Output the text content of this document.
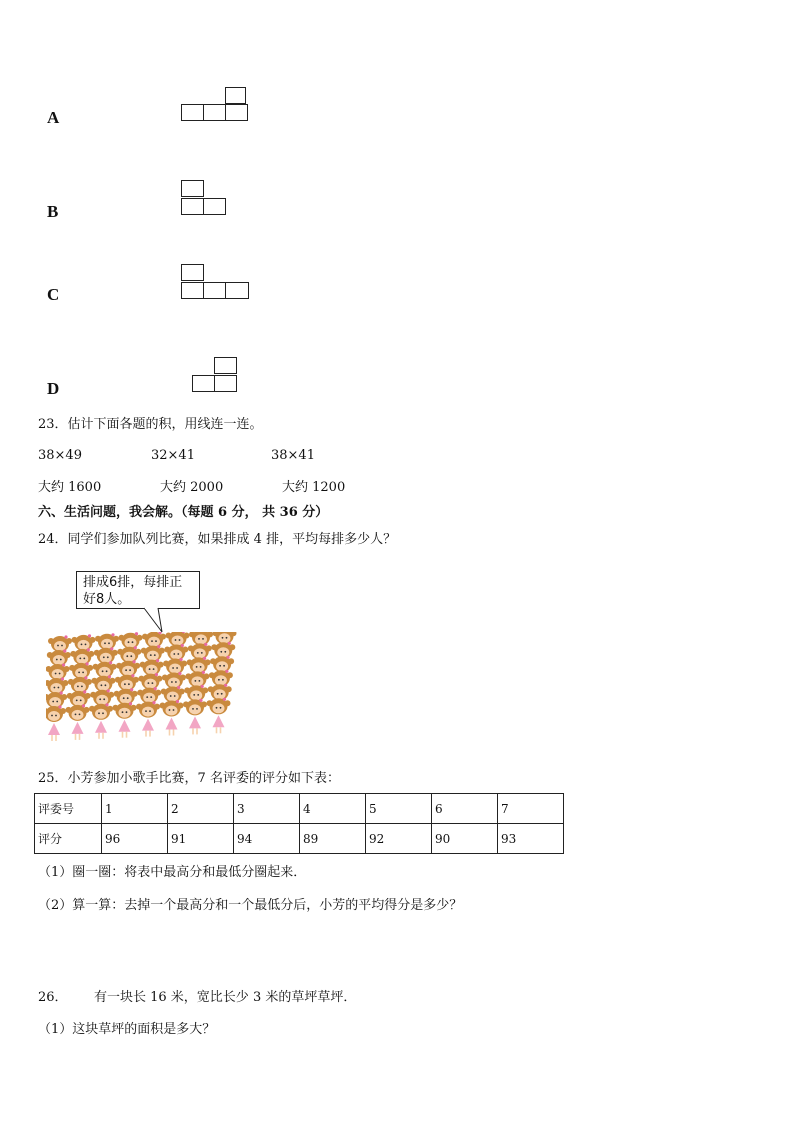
A
B
C
D
23．估计下面各题的积，用线连一连。
38×49	32×41	38×41
大约 1600	大约 2000	大约 1200
六、生活问题，我会解。（每题 6 分， 共 36 分）
24．同学们参加队列比赛，如果排成 4 排，平均每排多少人？
排成6排，每排正
好8人。
25．小芳参加小歌手比赛，7 名评委的评分如下表：
评委号	1	2	3	4	5	6	7
评分	96	91	94	89	92	90	93
（1）圈一圈：将表中最高分和最低分圈起来．
（2）算一算：去掉一个最高分和一个最低分后，小芳的平均得分是多少？
26． 有一块长 16 米，宽比长少 3 米的草坪草坪．
（1）这块草坪的面积是多大？
